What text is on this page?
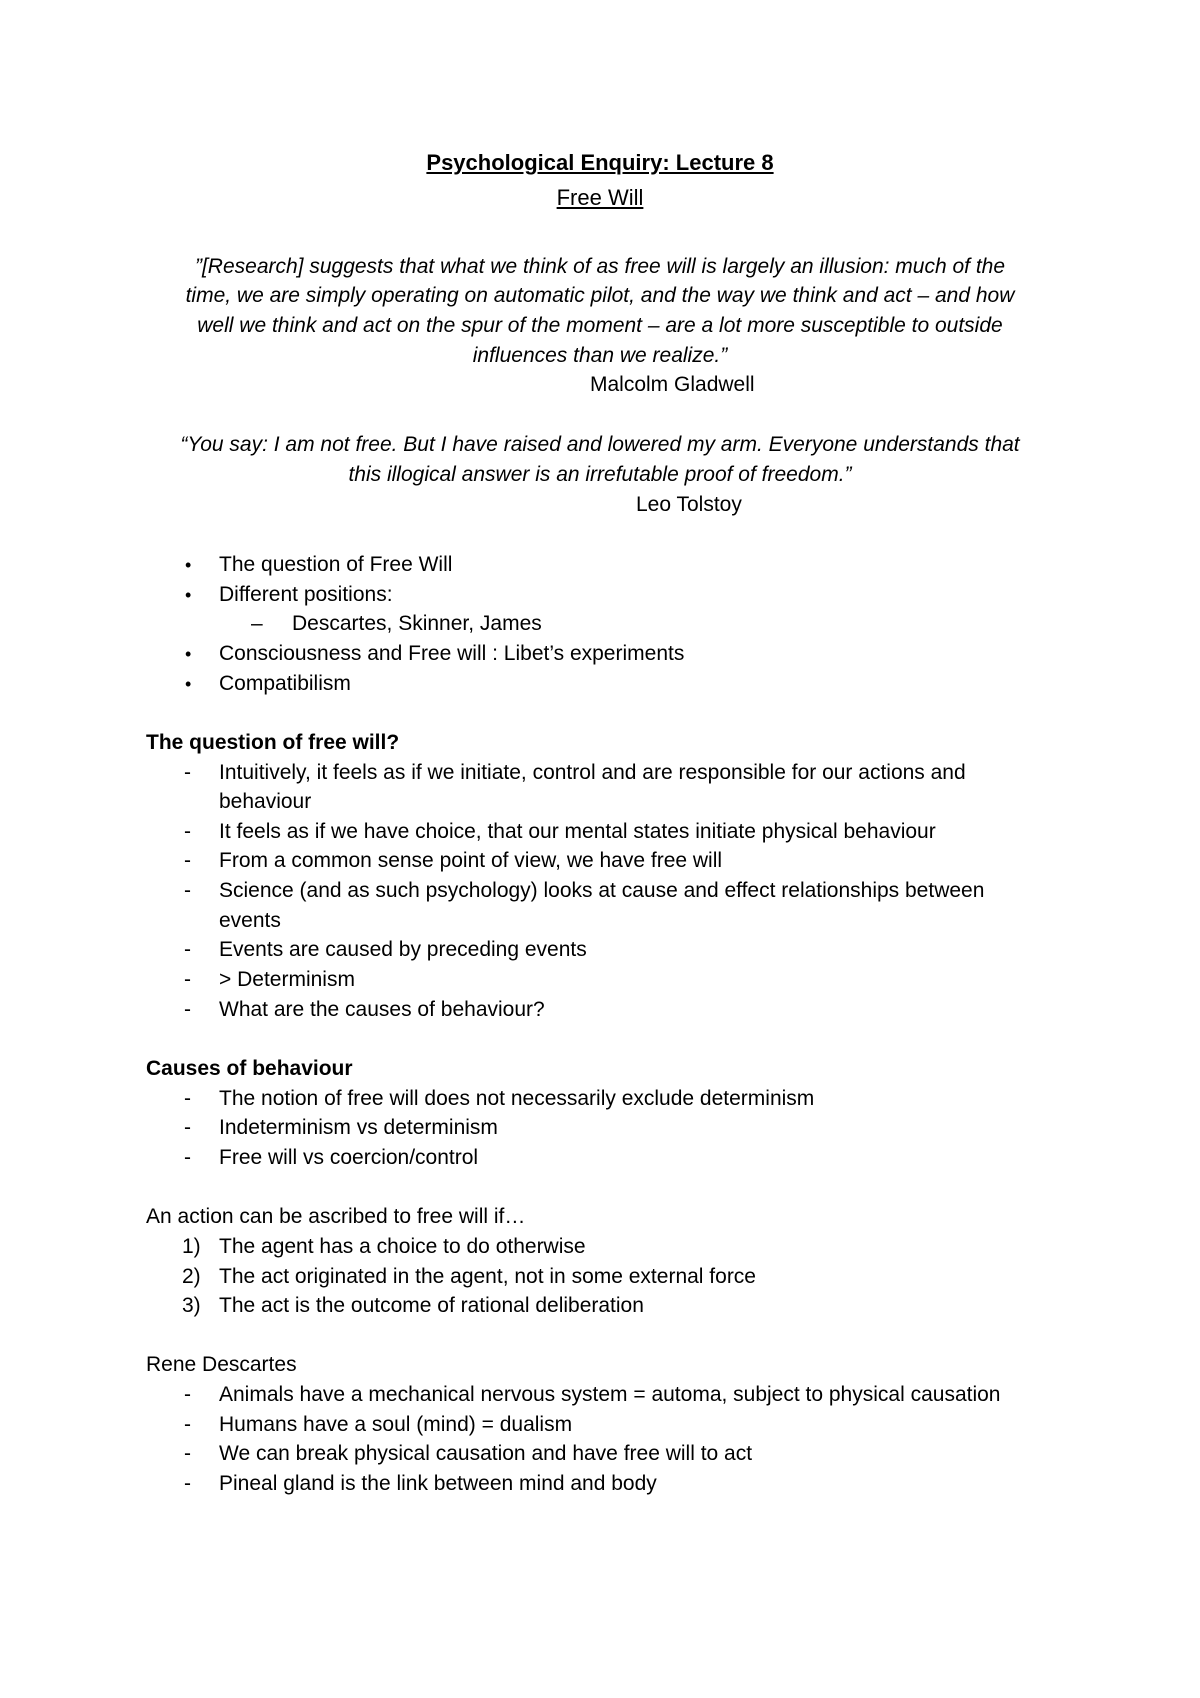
Psychological Enquiry: Lecture 8
Free Will
”[Research] suggests that what we think of as free will is largely an illusion: much of the
time, we are simply operating on automatic pilot, and the way we think and act – and how
well we think and act on the spur of the moment – are a lot more susceptible to outside
influences than we realize.”
Malcolm Gladwell
“You say: I am not free. But I have raised and lowered my arm. Everyone understands that
this illogical answer is an irrefutable proof of freedom.”
Leo Tolstoy
• The question of Free Will
• Different positions:
– Descartes, Skinner, James
• Consciousness and Free will : Libet’s experiments
• Compatibilism
The question of free will?
- Intuitively, it feels as if we initiate, control and are responsible for our actions and
behaviour
- It feels as if we have choice, that our mental states initiate physical behaviour
- From a common sense point of view, we have free will
- Science (and as such psychology) looks at cause and effect relationships between
events
- Events are caused by preceding events
- > Determinism
- What are the causes of behaviour?
Causes of behaviour
- The notion of free will does not necessarily exclude determinism
- Indeterminism vs determinism
- Free will vs coercion/control
An action can be ascribed to free will if…
1) The agent has a choice to do otherwise
2) The act originated in the agent, not in some external force
3) The act is the outcome of rational deliberation
Rene Descartes
- Animals have a mechanical nervous system = automa, subject to physical causation
- Humans have a soul (mind) = dualism
- We can break physical causation and have free will to act
- Pineal gland is the link between mind and body
